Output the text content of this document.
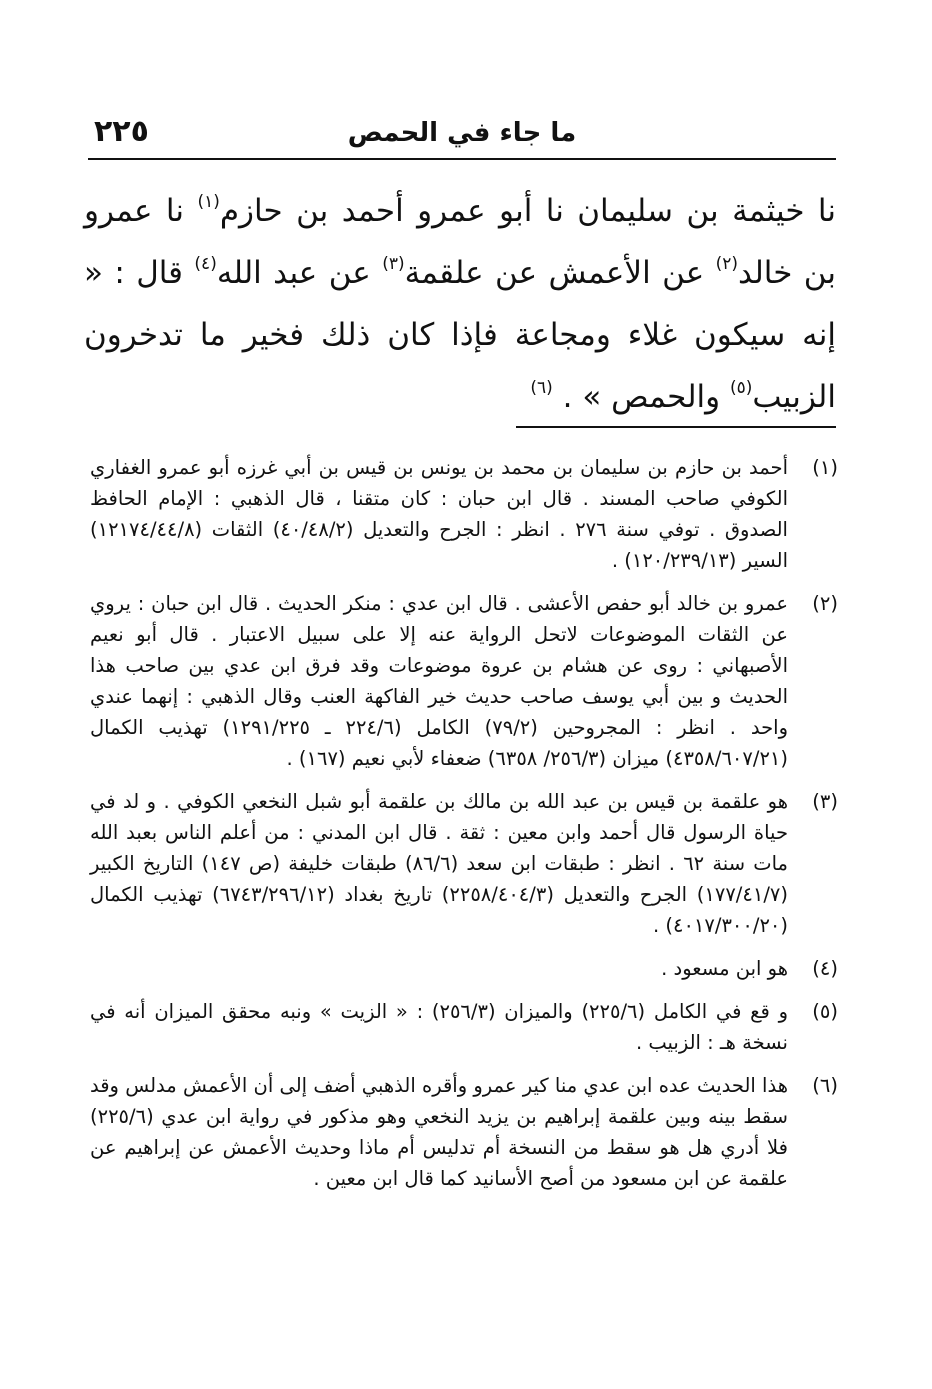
ما جاء في الحمص
٢٢٥
نا خيثمة بن سليمان نا أبو عمرو أحمد بن حازم$^{(١)}$ نا عمرو بن خالد$^{(٢)}$ عن الأعمش عن علقمة$^{(٣)}$ عن عبد الله$^{(٤)}$ قال : « إنه سيكون غلاء ومجاعة فإذا كان ذلك فخير ما تدخرون الزبيب$^{(٥)}$ والحمص » . $^{(٦)}$
(١)
أحمد بن حازم بن سليمان بن محمد بن يونس بن قيس بن أبي غرزه أبو عمرو الغفاري الكوفي صاحب المسند . قال ابن حبان : كان متقنا ، قال الذهبي : الإمام الحافظ الصدوق . توفي سنة ٢٧٦ . انظر : الجرح والتعديل (٤٠/٤٨/٢) الثقات (١٢١٧٤/٤٤/٨) السير (١٢٠/٢٣٩/١٣) .
(٢)
عمرو بن خالد أبو حفص الأعشى . قال ابن عدي : منكر الحديث . قال ابن حبان : يروي عن الثقات الموضوعات لاتحل الرواية عنه إلا على سبيل الاعتبار . قال أبو نعيم الأصبهاني : روى عن هشام بن عروة موضوعات وقد فرق ابن عدي بين صاحب هذا الحديث و بين أبي يوسف صاحب حديث خير الفاكهة العنب وقال الذهبي : إنهما عندي واحد . انظر : المجروحين (٧٩/٢) الكامل (٢٢٤/٦ ـ ١٢٩١/٢٢٥) تهذيب الكمال (٤٣٥٨/٦٠٧/٢١) ميزان (٢٥٦/٣/ ٦٣٥٨) ضعفاء لأبي نعيم (١٦٧) .
(٣)
هو علقمة بن قيس بن عبد الله بن مالك بن علقمة أبو شبل النخعي الكوفي . و لد في حياة الرسول قال أحمد وابن معين : ثقة . قال ابن المدني : من أعلم الناس بعبد الله مات سنة ٦٢ . انظر : طبقات ابن سعد (٨٦/٦) طبقات خليفة (ص ١٤٧) التاريخ الكبير (١٧٧/٤١/٧) الجرح والتعديل (٢٢٥٨/٤٠٤/٣) تاريخ بغداد (٦٧٤٣/٢٩٦/١٢) تهذيب الكمال (٤٠١٧/٣٠٠/٢٠) .
(٤)
هو ابن مسعود .
(٥)
و قع في الكامل (٢٢٥/٦) والميزان (٢٥٦/٣) : « الزيت » ونبه محقق الميزان أنه في نسخة هـ : الزبيب .
(٦)
هذا الحديث عده ابن عدي منا كير عمرو وأقره الذهبي أضف إلى أن الأعمش مدلس وقد سقط بينه وبين علقمة إبراهيم بن يزيد النخعي وهو مذكور في رواية ابن عدي (٢٢٥/٦) فلا أدري هل هو سقط من النسخة أم تدليس أم ماذا وحديث الأعمش عن إبراهيم عن علقمة عن ابن مسعود من أصح الأسانيد كما قال ابن معين .
